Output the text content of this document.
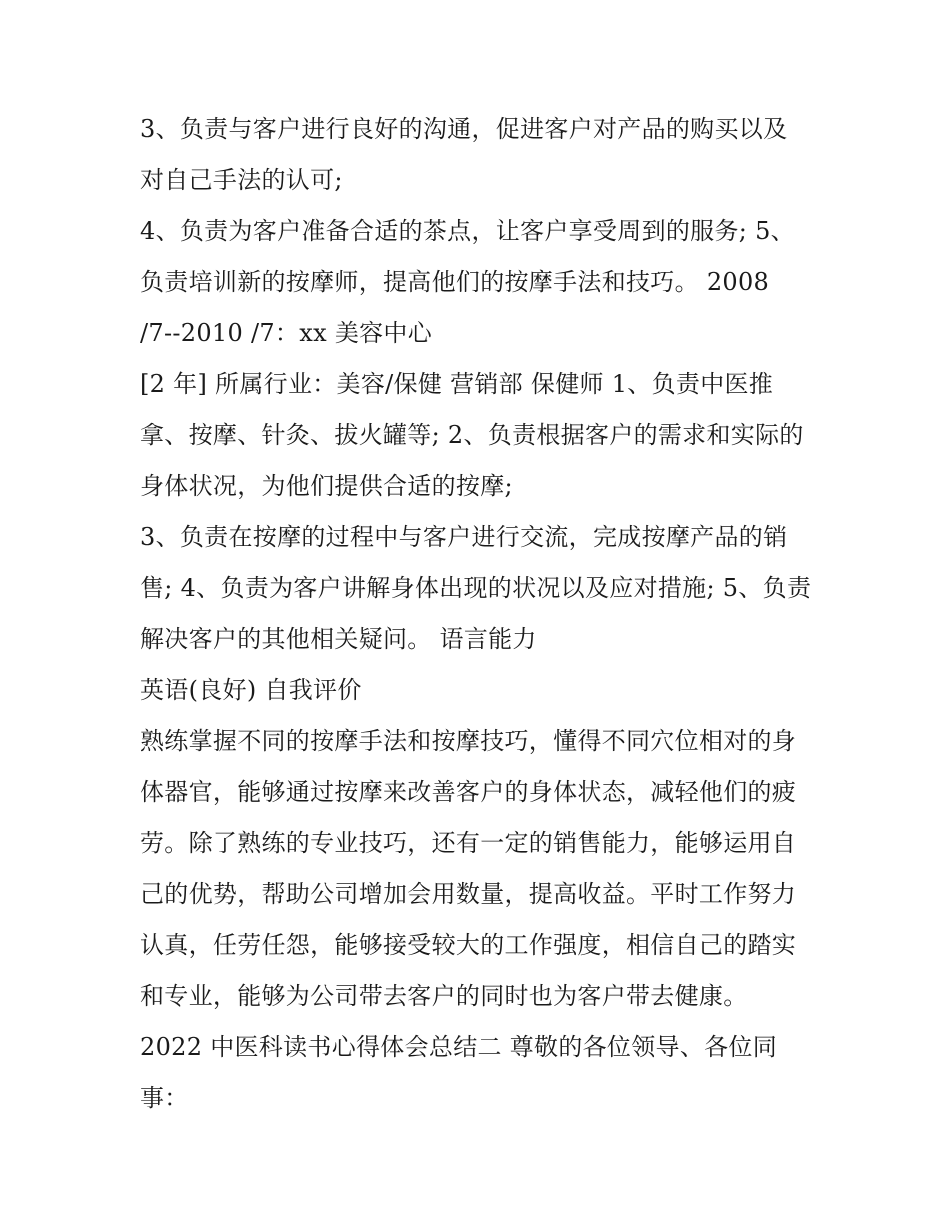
3、负责与客户进行良好的沟通，促进客户对产品的购买以及
对自己手法的认可;
4、负责为客户准备合适的茶点，让客户享受周到的服务; 5、
负责培训新的按摩师，提高他们的按摩手法和技巧。 2008
/7--2010 /7：xx 美容中心
[2 年] 所属行业：美容/保健 营销部 保健师 1、负责中医推
拿、按摩、针灸、拔火罐等; 2、负责根据客户的需求和实际的
身体状况，为他们提供合适的按摩;
3、负责在按摩的过程中与客户进行交流，完成按摩产品的销
售; 4、负责为客户讲解身体出现的状况以及应对措施; 5、负责
解决客户的其他相关疑问。 语言能力
英语(良好) 自我评价
熟练掌握不同的按摩手法和按摩技巧，懂得不同穴位相对的身
体器官，能够通过按摩来改善客户的身体状态，减轻他们的疲
劳。除了熟练的专业技巧，还有一定的销售能力，能够运用自
己的优势，帮助公司增加会用数量，提高收益。平时工作努力
认真，任劳任怨，能够接受较大的工作强度，相信自己的踏实
和专业，能够为公司带去客户的同时也为客户带去健康。
2022 中医科读书心得体会总结二 尊敬的各位领导、各位同
事：
